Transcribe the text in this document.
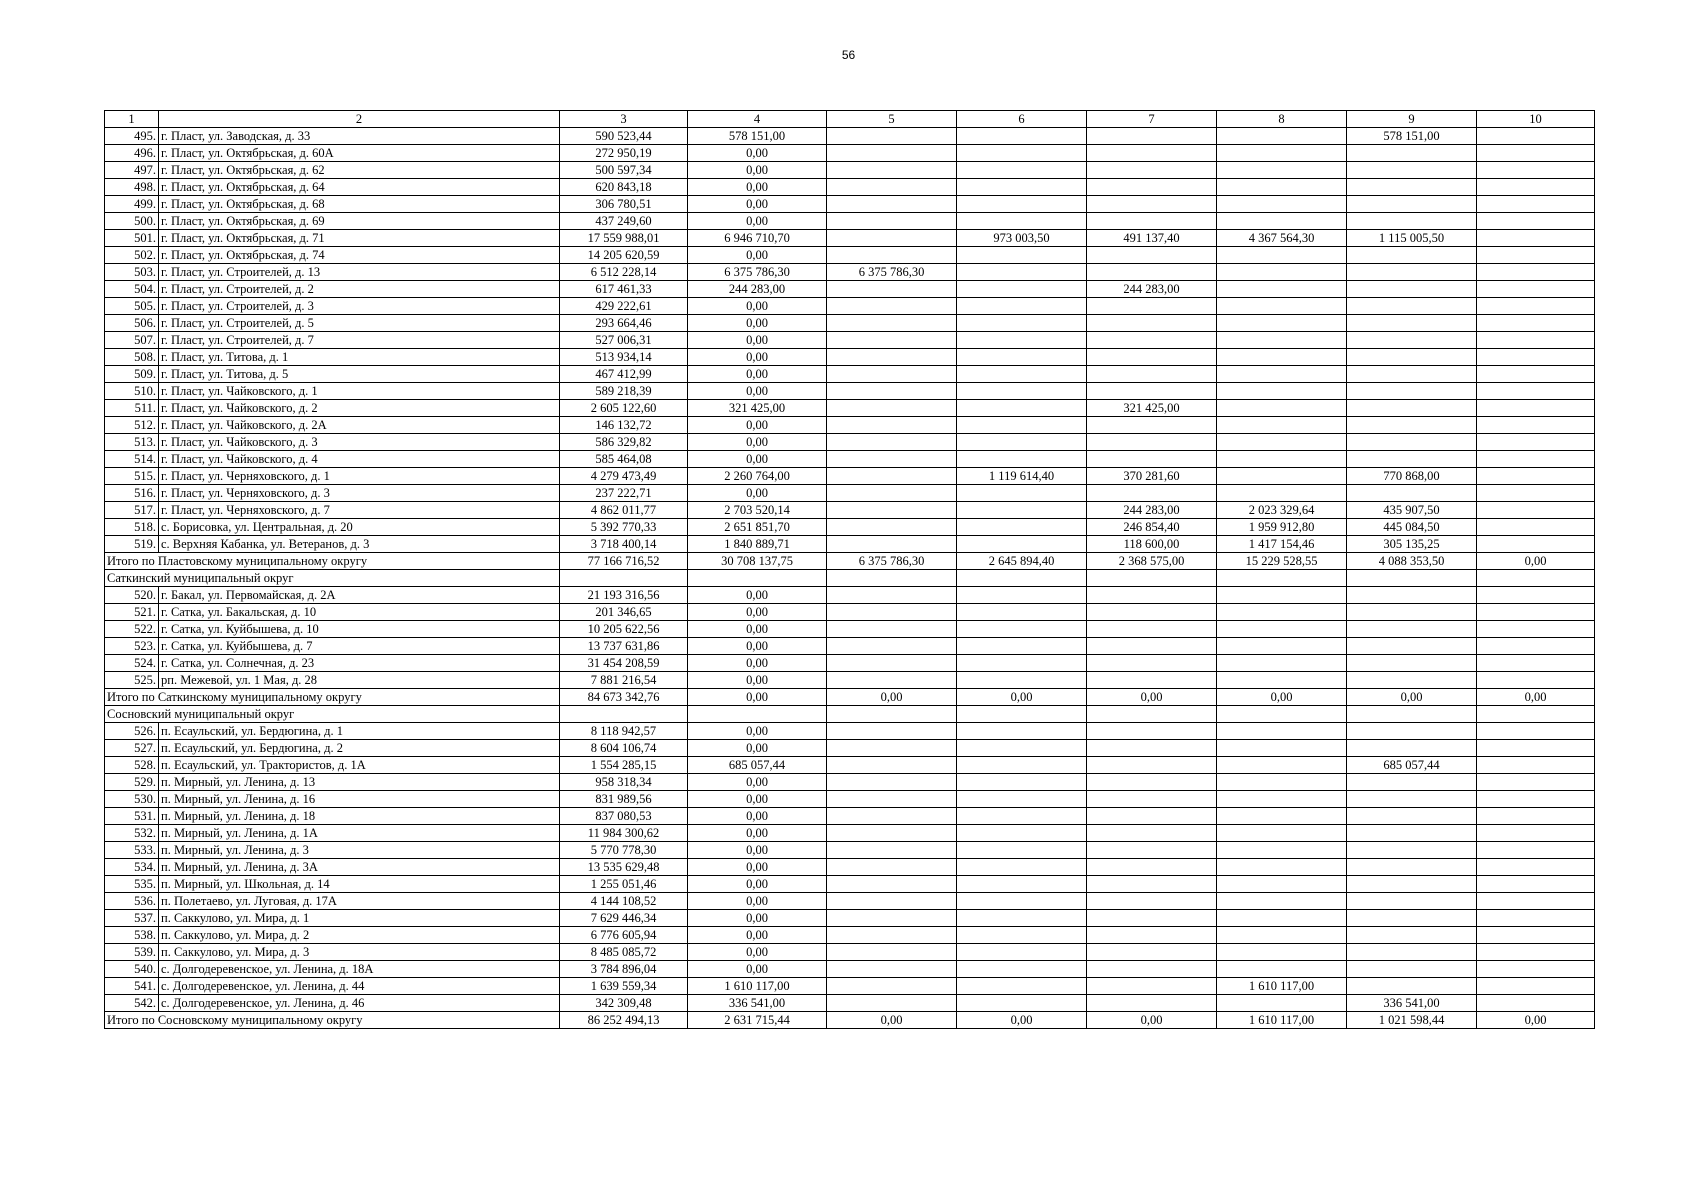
56
1	2	3	4	5	6	7	8	9	10
495.	г. Пласт, ул. Заводская, д. 33	590 523,44	578 151,00					578 151,00	
496.	г. Пласт, ул. Октябрьская, д. 60А	272 950,19	0,00						
497.	г. Пласт, ул. Октябрьская, д. 62	500 597,34	0,00						
498.	г. Пласт, ул. Октябрьская, д. 64	620 843,18	0,00						
499.	г. Пласт, ул. Октябрьская, д. 68	306 780,51	0,00						
500.	г. Пласт, ул. Октябрьская, д. 69	437 249,60	0,00						
501.	г. Пласт, ул. Октябрьская, д. 71	17 559 988,01	6 946 710,70		973 003,50	491 137,40	4 367 564,30	1 115 005,50	
502.	г. Пласт, ул. Октябрьская, д. 74	14 205 620,59	0,00						
503.	г. Пласт, ул. Строителей, д. 13	6 512 228,14	6 375 786,30	6 375 786,30					
504.	г. Пласт, ул. Строителей, д. 2	617 461,33	244 283,00			244 283,00			
505.	г. Пласт, ул. Строителей, д. 3	429 222,61	0,00						
506.	г. Пласт, ул. Строителей, д. 5	293 664,46	0,00						
507.	г. Пласт, ул. Строителей, д. 7	527 006,31	0,00						
508.	г. Пласт, ул. Титова, д. 1	513 934,14	0,00						
509.	г. Пласт, ул. Титова, д. 5	467 412,99	0,00						
510.	г. Пласт, ул. Чайковского, д. 1	589 218,39	0,00						
511.	г. Пласт, ул. Чайковского, д. 2	2 605 122,60	321 425,00			321 425,00			
512.	г. Пласт, ул. Чайковского, д. 2А	146 132,72	0,00						
513.	г. Пласт, ул. Чайковского, д. 3	586 329,82	0,00						
514.	г. Пласт, ул. Чайковского, д. 4	585 464,08	0,00						
515.	г. Пласт, ул. Черняховского, д. 1	4 279 473,49	2 260 764,00		1 119 614,40	370 281,60		770 868,00	
516.	г. Пласт, ул. Черняховского, д. 3	237 222,71	0,00						
517.	г. Пласт, ул. Черняховского, д. 7	4 862 011,77	2 703 520,14			244 283,00	2 023 329,64	435 907,50	
518.	с. Борисовка, ул. Центральная, д. 20	5 392 770,33	2 651 851,70			246 854,40	1 959 912,80	445 084,50	
519.	с. Верхняя Кабанка, ул. Ветеранов, д. 3	3 718 400,14	1 840 889,71			118 600,00	1 417 154,46	305 135,25	
Итого по Пластовскому муниципальному округу		77 166 716,52	30 708 137,75	6 375 786,30	2 645 894,40	2 368 575,00	15 229 528,55	4 088 353,50	0,00
Саткинский муниципальный округ									
520.	г. Бакал, ул. Первомайская, д. 2А	21 193 316,56	0,00						
521.	г. Сатка, ул. Бакальская, д. 10	201 346,65	0,00						
522.	г. Сатка, ул. Куйбышева, д. 10	10 205 622,56	0,00						
523.	г. Сатка, ул. Куйбышева, д. 7	13 737 631,86	0,00						
524.	г. Сатка, ул. Солнечная, д. 23	31 454 208,59	0,00						
525.	рп. Межевой, ул. 1 Мая, д. 28	7 881 216,54	0,00						
Итого по Саткинскому муниципальному округу		84 673 342,76	0,00	0,00	0,00	0,00	0,00	0,00	0,00
Сосновский муниципальный округ									
526.	п. Есаульский, ул. Бердюгина, д. 1	8 118 942,57	0,00						
527.	п. Есаульский, ул. Бердюгина, д. 2	8 604 106,74	0,00						
528.	п. Есаульский, ул. Трактористов, д. 1А	1 554 285,15	685 057,44					685 057,44	
529.	п. Мирный, ул. Ленина, д. 13	958 318,34	0,00						
530.	п. Мирный, ул. Ленина, д. 16	831 989,56	0,00						
531.	п. Мирный, ул. Ленина, д. 18	837 080,53	0,00						
532.	п. Мирный, ул. Ленина, д. 1А	11 984 300,62	0,00						
533.	п. Мирный, ул. Ленина, д. 3	5 770 778,30	0,00						
534.	п. Мирный, ул. Ленина, д. 3А	13 535 629,48	0,00						
535.	п. Мирный, ул. Школьная, д. 14	1 255 051,46	0,00						
536.	п. Полетаево, ул. Луговая, д. 17А	4 144 108,52	0,00						
537.	п. Саккулово, ул. Мира, д. 1	7 629 446,34	0,00						
538.	п. Саккулово, ул. Мира, д. 2	6 776 605,94	0,00						
539.	п. Саккулово, ул. Мира, д. 3	8 485 085,72	0,00						
540.	с. Долгодеревенское, ул. Ленина, д. 18А	3 784 896,04	0,00						
541.	с. Долгодеревенское, ул. Ленина, д. 44	1 639 559,34	1 610 117,00				1 610 117,00		
542.	с. Долгодеревенское, ул. Ленина, д. 46	342 309,48	336 541,00					336 541,00	
Итого по Сосновскому муниципальному округу		86 252 494,13	2 631 715,44	0,00	0,00	0,00	1 610 117,00	1 021 598,44	0,00
